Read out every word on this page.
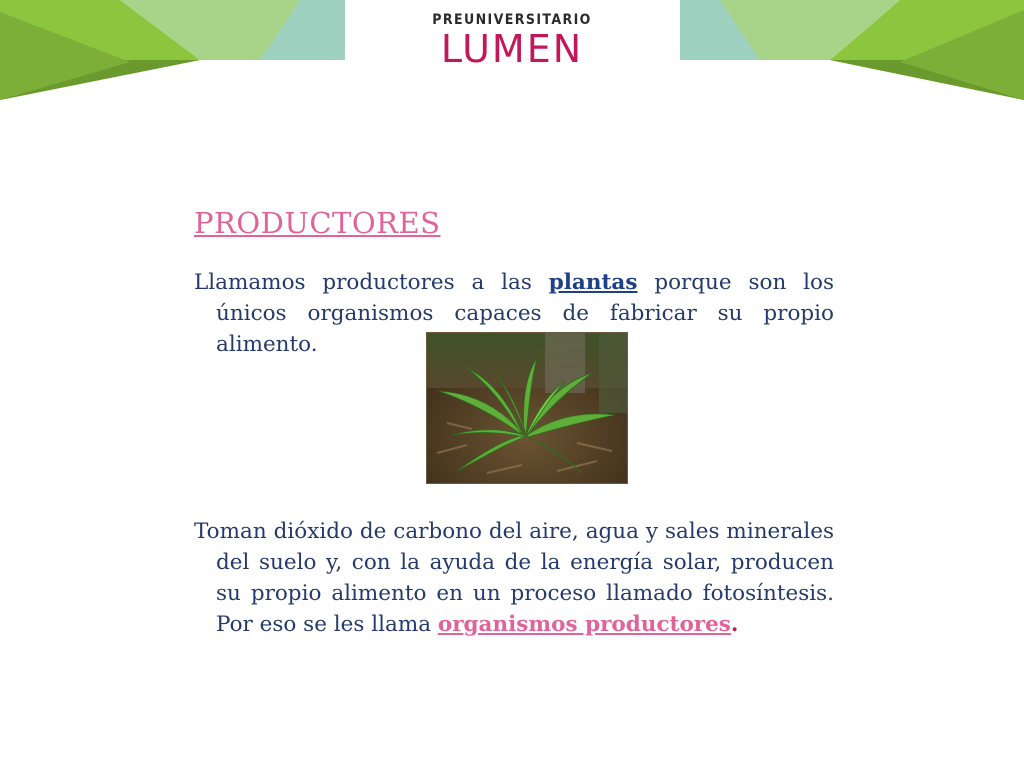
PREUNIVERSITARIO
LUMEN
PRODUCTORES

Llamamos productores a las plantas porque son los únicos organismos capaces de fabricar su propio alimento.

Toman dióxido de carbono del aire, agua y sales minerales del suelo y, con la ayuda de la energía solar, producen su propio alimento en un proceso llamado fotosíntesis. Por eso se les llama organismos productores.
